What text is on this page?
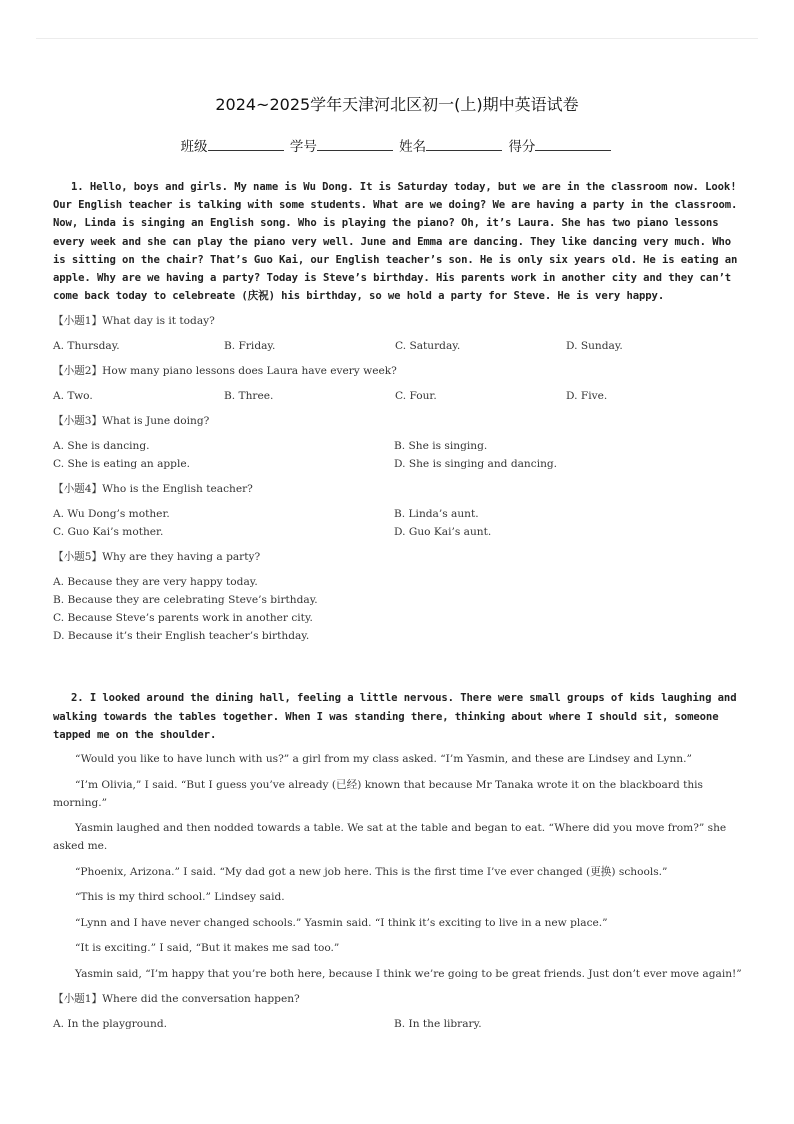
2024~2025学年天津河北区初一(上)期中英语试卷
班级	学号	姓名	得分

1. Hello, boys and girls. My name is Wu Dong. It is Saturday today, but we are in the classroom now. Look! Our English teacher is talking with some students. What are we doing? We are having a party in the classroom. Now, Linda is singing an English song. Who is playing the piano? Oh, it’s Laura. She has two piano lessons every week and she can play the piano very well. June and Emma are dancing. They like dancing very much. Who is sitting on the chair? That’s Guo Kai, our English teacher’s son. He is only six years old. He is eating an apple. Why are we having a party? Today is Steve’s birthday. His parents work in another city and they can’t come back today to celebreate (庆祝) his birthday, so we hold a party for Steve. He is very happy.

【小题1】What day is it today?
A. Thursday.	B. Friday.	C. Saturday.	D. Sunday.
【小题2】How many piano lessons does Laura have every week?
A. Two.	B. Three.	C. Four.	D. Five.
【小题3】What is June doing?
A. She is dancing.	B. She is singing.
C. She is eating an apple.	D. She is singing and dancing.
【小题4】Who is the English teacher?
A. Wu Dong’s mother.	B. Linda’s aunt.
C. Guo Kai’s mother.	D. Guo Kai’s aunt.
【小题5】Why are they having a party?
A. Because they are very happy today.
B. Because they are celebrating Steve’s birthday.
C. Because Steve’s parents work in another city.
D. Because it’s their English teacher’s birthday.

2. I looked around the dining hall, feeling a little nervous. There were small groups of kids laughing and walking towards the tables together. When I was standing there, thinking about where I should sit, someone tapped me on the shoulder.

“Would you like to have lunch with us?” a girl from my class asked. “I’m Yasmin, and these are Lindsey and Lynn.”

“I’m Olivia,” I said. “But I guess you’ve already (已经) known that because Mr Tanaka wrote it on the blackboard this morning.”

Yasmin laughed and then nodded towards a table. We sat at the table and began to eat. “Where did you move from?” she asked me.

“Phoenix, Arizona.” I said. “My dad got a new job here. This is the first time I’ve ever changed (更换) schools.”

“This is my third school.” Lindsey said.

“Lynn and I have never changed schools.” Yasmin said. “I think it’s exciting to live in a new place.”

“It is exciting.” I said, “But it makes me sad too.”

Yasmin said, “I’m happy that you’re both here, because I think we’re going to be great friends. Just don’t ever move again!”

【小题1】Where did the conversation happen?
A. In the playground.	B. In the library.
